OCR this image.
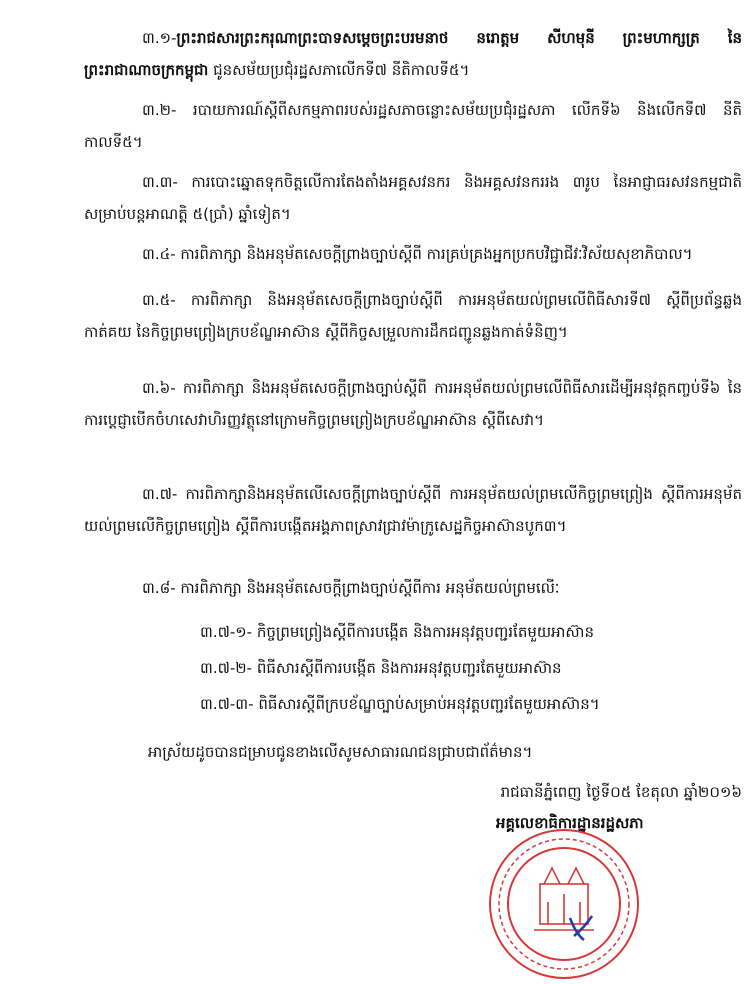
៣.១-ព្រះរាជសារព្រះករុណាព្រះបាទសម្តេចព្រះបរមនាថ នរោត្តម សីហមុនី ព្រះមហាក្សត្រ នៃព្រះរាជាណាចក្រកម្ពុជា ជូនសម័យប្រជុំរដ្ឋសភាលើកទី៧ នីតិកាលទី៥។

៣.២- របាយការណ៍ស្តីពីសកម្មភាពរបស់រដ្ឋសភាចន្លោះសម័យប្រជុំរដ្ឋសភា លើកទី៦ និងលើកទី៧ នីតិកាលទី៥។

៣.៣- ការបោះឆ្នោតទុកចិត្តលើការតែងតាំងអគ្គសវនករ និងអគ្គសវនកររង ៣រូប នៃអាជ្ញាធរសវនកម្មជាតិ សម្រាប់បន្តអាណត្តិ ៥(ប្រាំ) ឆ្នាំទៀត។

៣.៤- ការពិភាក្សា និងអនុម័តសេចក្តីព្រាងច្បាប់ស្តីពី ការគ្រប់គ្រងអ្នកប្រកបវិជ្ជាជីវៈវិស័យសុខាភិបាល។

៣.៥- ការពិភាក្សា និងអនុម័តសេចក្តីព្រាងច្បាប់ស្តីពី ការអនុម័តយល់ព្រមលើពិធីសារទី៧ ស្តីពីប្រព័ន្ធឆ្លងកាត់គយ នៃកិច្ចព្រមព្រៀងក្របខ័ណ្ឌអាស៊ាន ស្តីពីកិច្ចសម្រួលការដឹកជញ្ជូនឆ្លងកាត់ទំនិញ។

៣.៦- ការពិភាក្សា និងអនុម័តសេចក្តីព្រាងច្បាប់ស្តីពី ការអនុម័តយល់ព្រមលើពិធីសារដើម្បីអនុវត្តកញ្ចប់ទី៦ នៃការប្តេជ្ញាបើកចំហសេវាហិរញ្ញវត្ថុនៅក្រោមកិច្ចព្រមព្រៀងក្របខ័ណ្ឌអាស៊ាន ស្តីពីសេវា។

៣.៧- ការពិភាក្សានិងអនុម័តលើសេចក្តីព្រាងច្បាប់ស្តីពី ការអនុម័តយល់ព្រមលើកិច្ចព្រមព្រៀង ស្តីពីការអនុម័តយល់ព្រមលើកិច្ចព្រមព្រៀង ស្តីពីការបង្កើតអង្គភាពស្រាវជ្រាវម៉ាក្រូសេដ្ឋកិច្ចអាស៊ានបូក៣។

៣.៨- ការពិភាក្សា និងអនុម័តសេចក្តីព្រាងច្បាប់ស្តីពីការ អនុម័តយល់ព្រមលើៈ

៣.៧-១- កិច្ចព្រមព្រៀងស្តីពីការបង្កើត និងការអនុវត្តបញ្ជរតែមួយអាស៊ាន

៣.៧-២- ពិធីសារស្តីពីការបង្កើត និងការអនុវត្តបញ្ជរតែមួយអាស៊ាន

៣.៧-៣- ពិធីសារស្តីពីក្របខ័ណ្ឌច្បាប់សម្រាប់អនុវត្តបញ្ជរតែមួយអាស៊ាន។

អាស្រ័យដូចបានជម្រាបជូនខាងលើសូមសាធារណជនជ្រាបជាព័ត៌មាន។

រាជធានីភ្នំពេញ ថ្ងៃទី០៥ ខែតុលា ឆ្នាំ២០១៦

អគ្គលេខាធិការដ្ឋានរដ្ឋសភា
